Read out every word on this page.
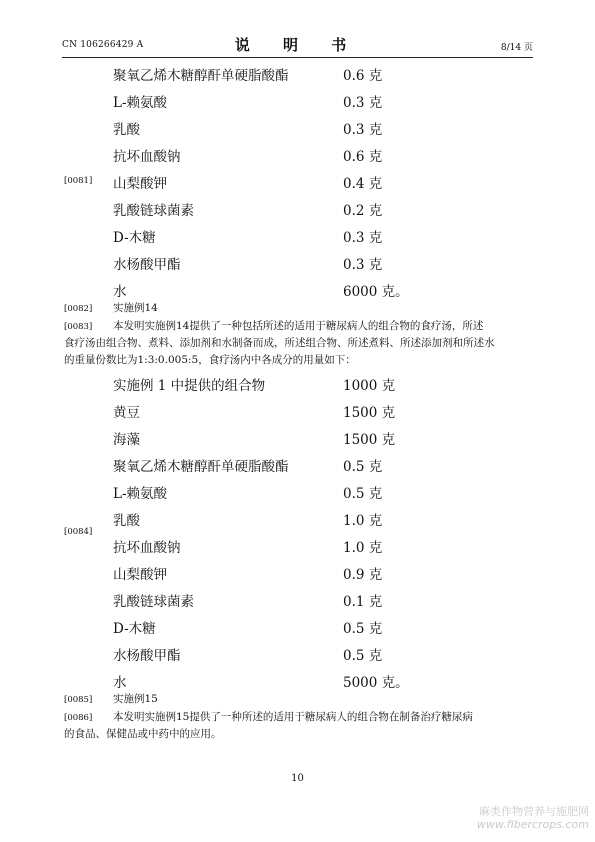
CN 106266429 A	说 明 书	8/14 页
聚氧乙烯木糖醇酐单硬脂酸酯	0.6 克
L-赖氨酸	0.3 克
乳酸	0.3 克
抗坏血酸钠	0.6 克
山梨酸钾	0.4 克
乳酸链球菌素	0.2 克
D-木糖	0.3 克
水杨酸甲酯	0.3 克
水	6000 克。
[0081]
[0082] 实施例14
[0083] 本发明实施例14提供了一种包括所述的适用于糖尿病人的组合物的食疗汤，所述
食疗汤由组合物、煮料、添加剂和水制备而成，所述组合物、所述煮料、所述添加剂和所述水
的重量份数比为1:3:0.005:5，食疗汤内中各成分的用量如下：
实施例 1 中提供的组合物	1000 克
黄豆	1500 克
海藻	1500 克
聚氧乙烯木糖醇酐单硬脂酸酯	0.5 克
L-赖氨酸	0.5 克
乳酸	1.0 克
抗坏血酸钠	1.0 克
山梨酸钾	0.9 克
乳酸链球菌素	0.1 克
D-木糖	0.5 克
水杨酸甲酯	0.5 克
水	5000 克。
[0084]
[0085] 实施例15
[0086] 本发明实施例15提供了一种所述的适用于糖尿病人的组合物在制备治疗糖尿病
的食品、保健品或中药中的应用。
10
麻类作物营养与施肥网
www.fibercrops.com
